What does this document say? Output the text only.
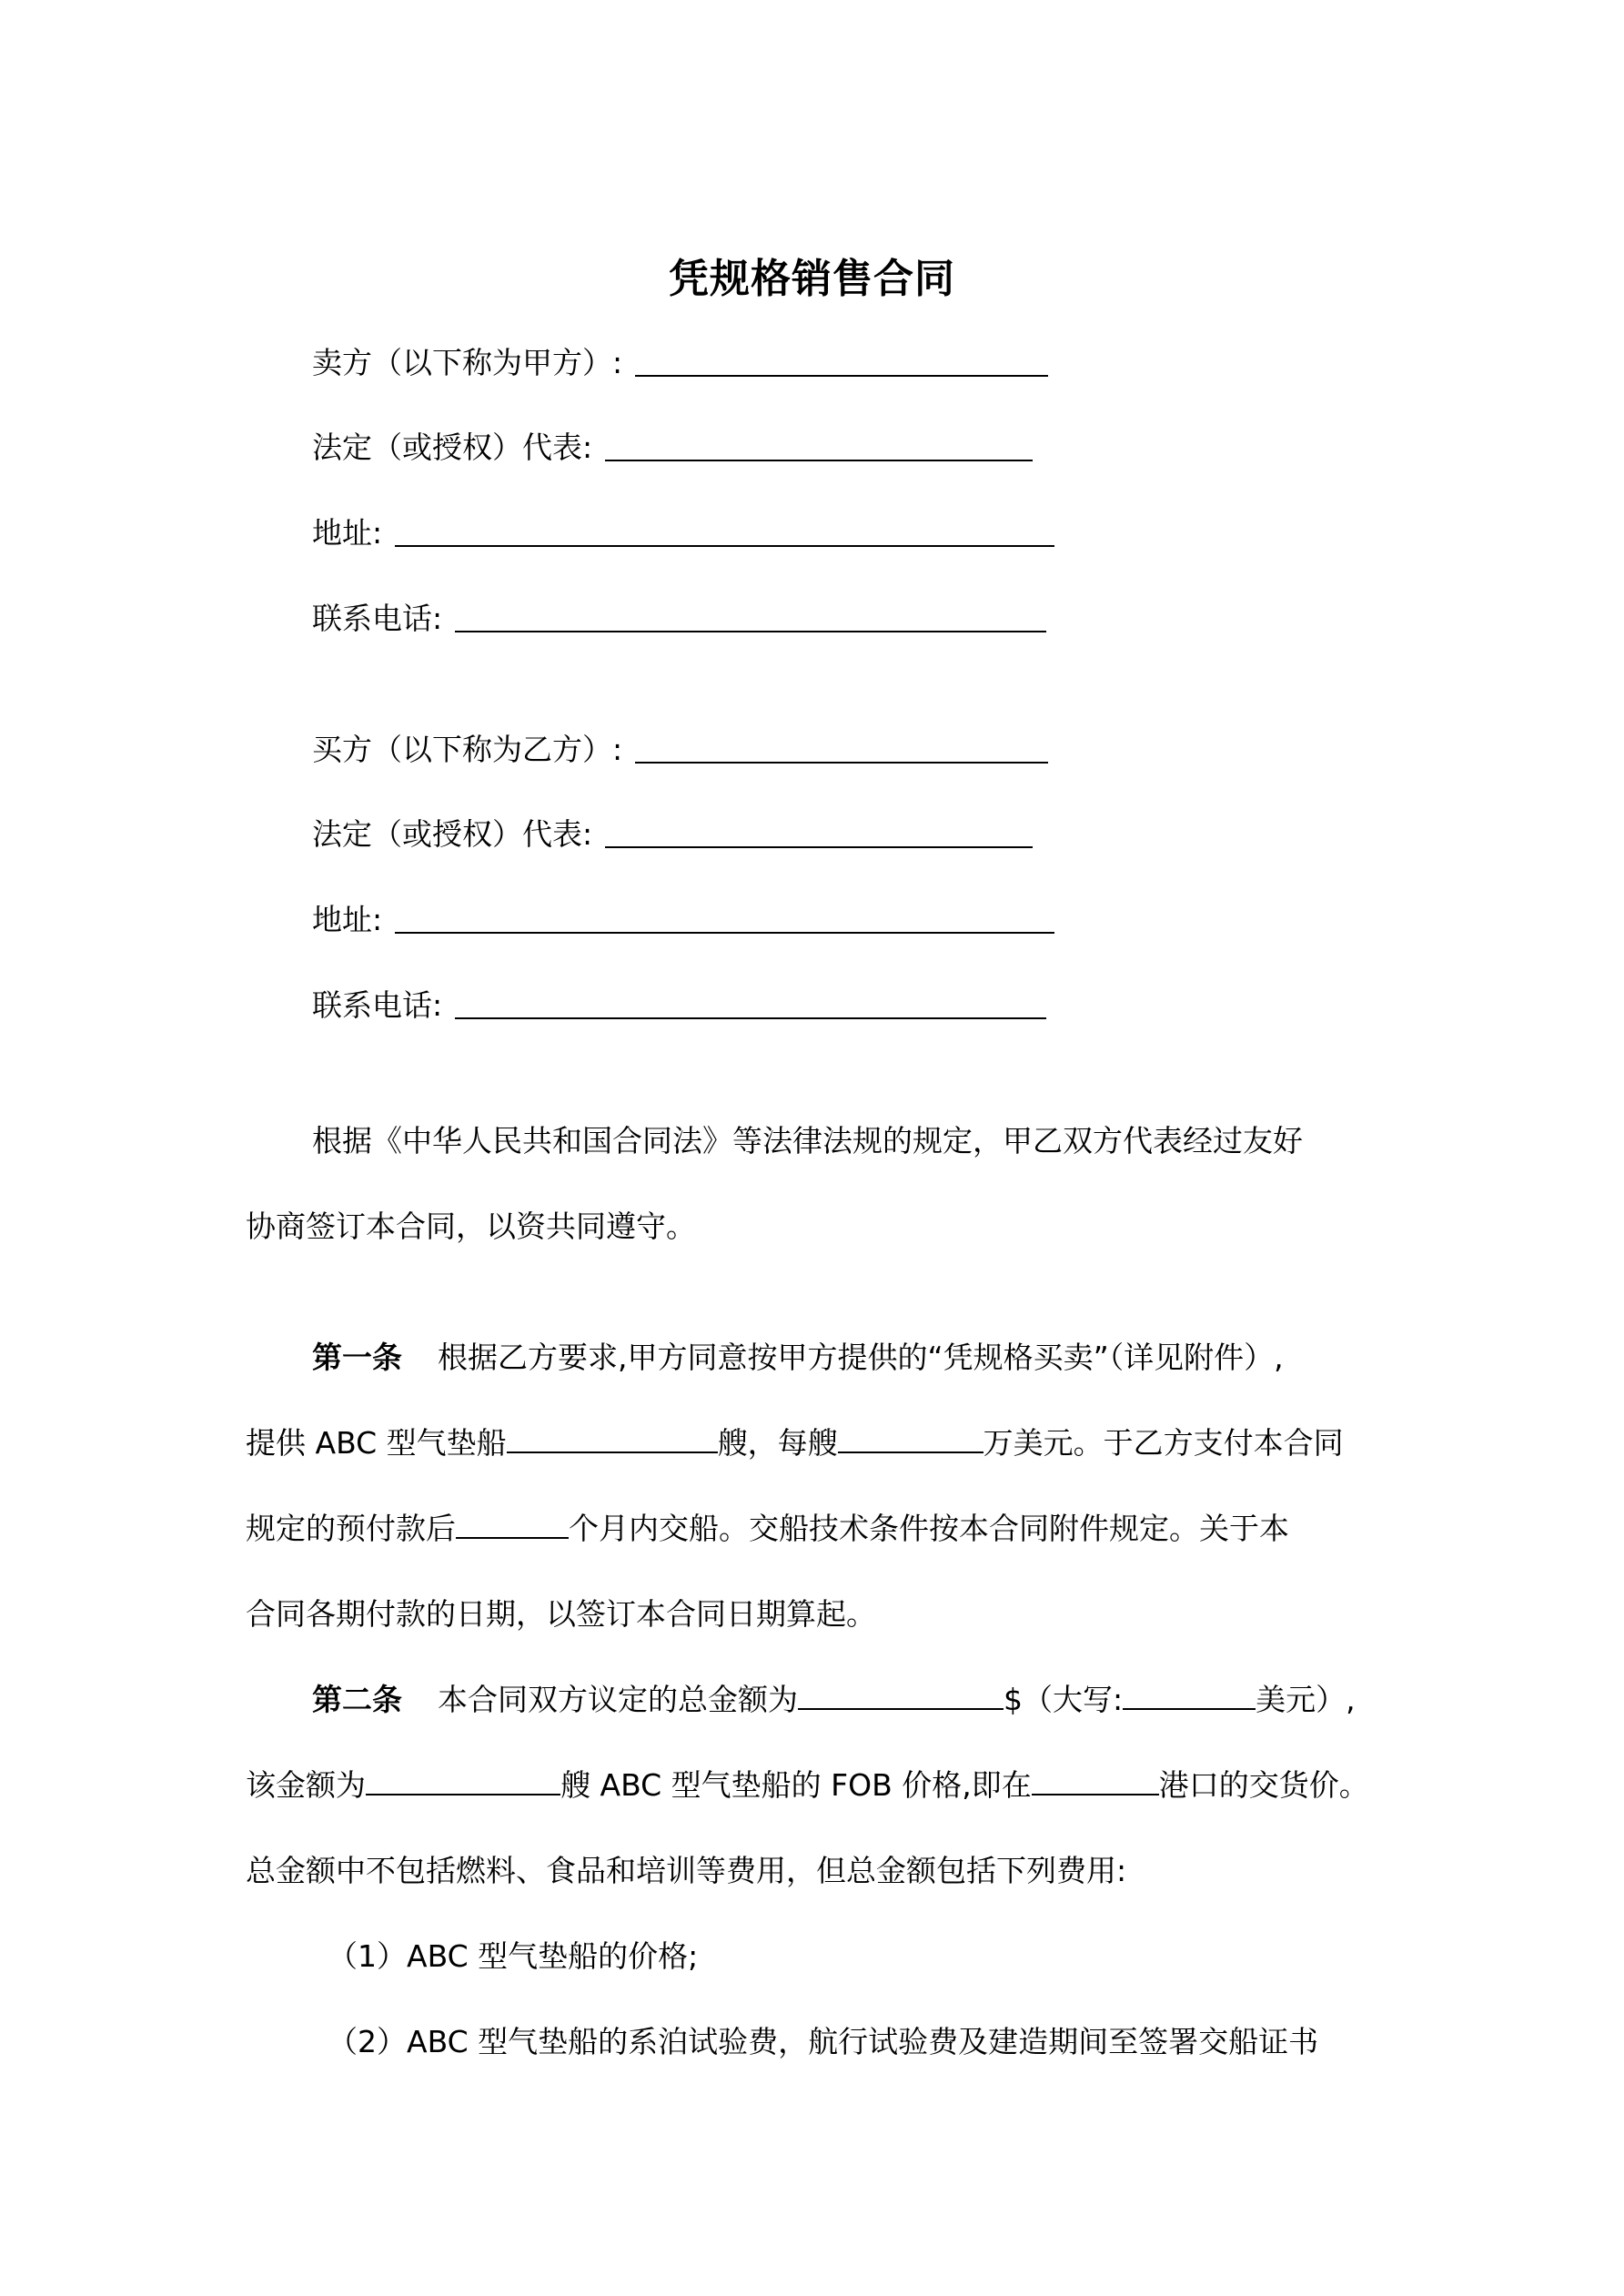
凭规格销售合同
卖方（以下称为甲方）:
法定（或授权）代表:
地址:
联系电话:
买方（以下称为乙方）:
法定（或授权）代表:
地址:
联系电话:
根据《中华人民共和国合同法》等法律法规的规定，甲乙双方代表经过友好
协商签订本合同，以资共同遵守。
第一条 根据乙方要求,甲方同意按甲方提供的“凭规格买卖”（详见附件）,
提供 ABC 型气垫船	艘，每艘	万美元。于乙方支付本合同
规定的预付款后	个月内交船。交船技术条件按本合同附件规定。关于本
合同各期付款的日期，以签订本合同日期算起。
第二条 本合同双方议定的总金额为	$（大写:	美元）,
该金额为	艘 ABC 型气垫船的 FOB 价格,即在	港口的交货价。
总金额中不包括燃料、食品和培训等费用，但总金额包括下列费用:
（1）ABC 型气垫船的价格;
（2）ABC 型气垫船的系泊试验费，航行试验费及建造期间至签署交船证书
